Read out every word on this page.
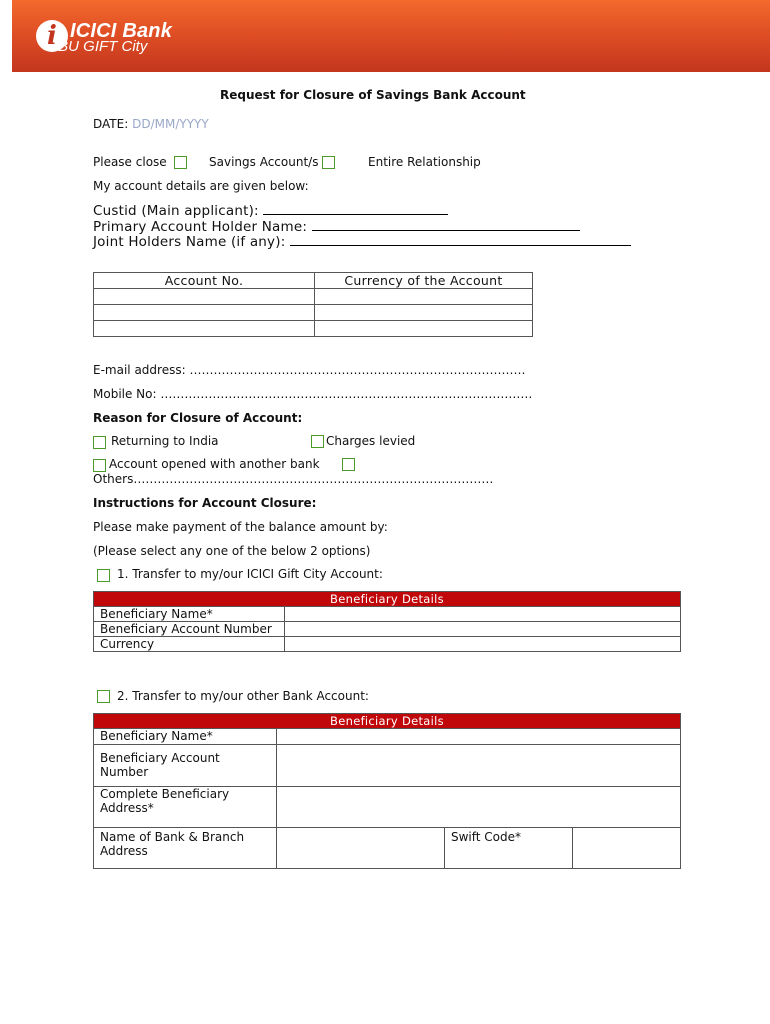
i ICICI Bank
IBU GIFT City
Request for Closure of Savings Bank Account
DATE: DD/MM/YYYY
Please close	Savings Account/s	Entire Relationship
My account details are given below:
Custid (Main applicant):
Primary Account Holder Name:
Joint Holders Name (if any):
Account No.	Currency of the Account

E-mail address: …………………………………………………………………………
Mobile No: …………………………………………………………………………………
Reason for Closure of Account:
Returning to India	Charges levied
Account opened with another bank
Others………………………………………………………………………………
Instructions for Account Closure:
Please make payment of the balance amount by:
(Please select any one of the below 2 options)
1. Transfer to my/our ICICI Gift City Account:
Beneficiary Details	
Beneficiary Name*	
Beneficiary Account Number	
Currency	
2. Transfer to my/our other Bank Account:
Beneficiary Details			
Beneficiary Name*			
Beneficiary Account Number			
Complete Beneficiary Address*			
Name of Bank & Branch Address		Swift Code*	
